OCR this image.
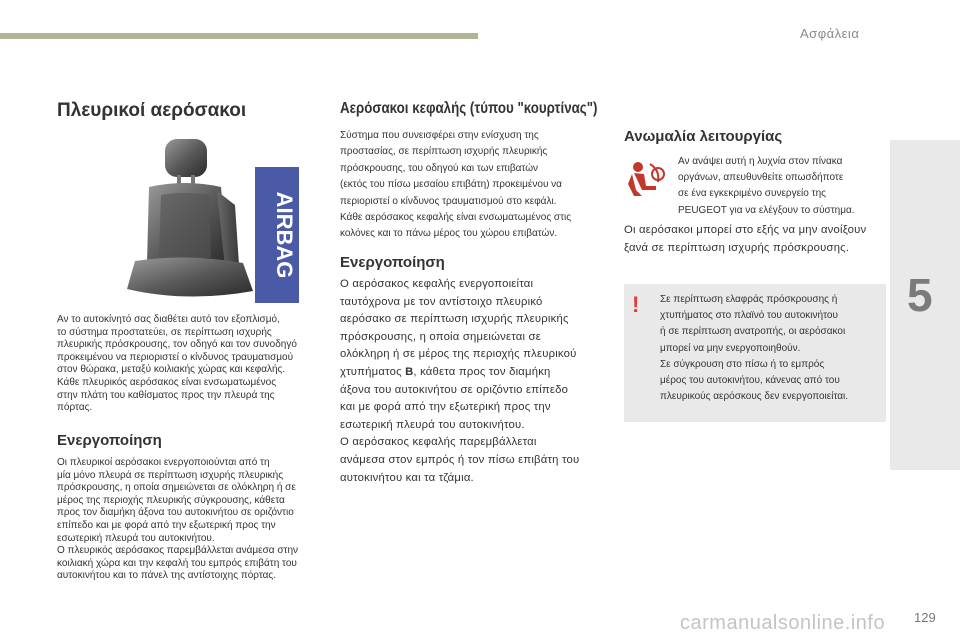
Ασφάλεια
5
Πλευρικοί αερόσακοι
AIRBAG
Αν το αυτοκίνητό σας διαθέτει αυτό τον εξοπλισμό,
το σύστημα προστατεύει, σε περίπτωση ισχυρής
πλευρικής πρόσκρουσης, τον οδηγό και τον συνοδηγό
προκειμένου να περιοριστεί ο κίνδυνος τραυματισμού
στον θώρακα, μεταξύ κοιλιακής χώρας και κεφαλής.
Κάθε πλευρικός αερόσακος είναι ενσωματωμένος
στην πλάτη του καθίσματος προς την πλευρά της
πόρτας.
Ενεργοποίηση
Οι πλευρικοί αερόσακοι ενεργοποιούνται από τη
μία μόνο πλευρά σε περίπτωση ισχυρής πλευρικής
πρόσκρουσης, η οποία σημειώνεται σε ολόκληρη ή σε
μέρος της περιοχής πλευρικής σύγκρουσης, κάθετα
προς τον διαμήκη άξονα του αυτοκινήτου σε οριζόντιο
επίπεδο και με φορά από την εξωτερική προς την
εσωτερική πλευρά του αυτοκινήτου.
Ο πλευρικός αερόσακος παρεμβάλλεται ανάμεσα στην
κοιλιακή χώρα και την κεφαλή του εμπρός επιβάτη του
αυτοκινήτου και το πάνελ της αντίστοιχης πόρτας.
Αερόσακοι κεφαλής (τύπου "κουρτίνας")
Σύστημα που συνεισφέρει στην ενίσχυση της
προστασίας, σε περίπτωση ισχυρής πλευρικής
πρόσκρουσης, του οδηγού και των επιβατών
(εκτός του πίσω μεσαίου επιβάτη) προκειμένου να
περιοριστεί ο κίνδυνος τραυματισμού στο κεφάλι.
Κάθε αερόσακος κεφαλής είναι ενσωματωμένος στις
κολόνες και το πάνω μέρος του χώρου επιβατών.
Ενεργοποίηση
Ο αερόσακος κεφαλής ενεργοποιείται
ταυτόχρονα με τον αντίστοιχο πλευρικό
αερόσακο σε περίπτωση ισχυρής πλευρικής
πρόσκρουσης, η οποία σημειώνεται σε
ολόκληρη ή σε μέρος της περιοχής πλευρικού
χτυπήματος B, κάθετα προς τον διαμήκη
άξονα του αυτοκινήτου σε οριζόντιο επίπεδο
και με φορά από την εξωτερική προς την
εσωτερική πλευρά του αυτοκινήτου.
Ο αερόσακος κεφαλής παρεμβάλλεται
ανάμεσα στον εμπρός ή τον πίσω επιβάτη του
αυτοκινήτου και τα τζάμια.
Ανωμαλία λειτουργίας
Αν ανάψει αυτή η λυχνία στον πίνακα
οργάνων, απευθυνθείτε οπωσδήποτε
σε ένα εγκεκριμένο συνεργείο της
PEUGEOT για να ελέγξουν το σύστημα.
Οι αερόσακοι μπορεί στο εξής να μην ανοίξουν
ξανά σε περίπτωση ισχυρής πρόσκρουσης.
! Σε περίπτωση ελαφράς πρόσκρουσης ή
χτυπήματος στο πλαϊνό του αυτοκινήτου
ή σε περίπτωση ανατροπής, οι αερόσακοι
μπορεί να μην ενεργοποιηθούν.
Σε σύγκρουση στο πίσω ή το εμπρός
μέρος του αυτοκινήτου, κάνενας από του
πλευρικούς αερόσκους δεν ενεργοποιείται.
129
carmanualsonline.info
